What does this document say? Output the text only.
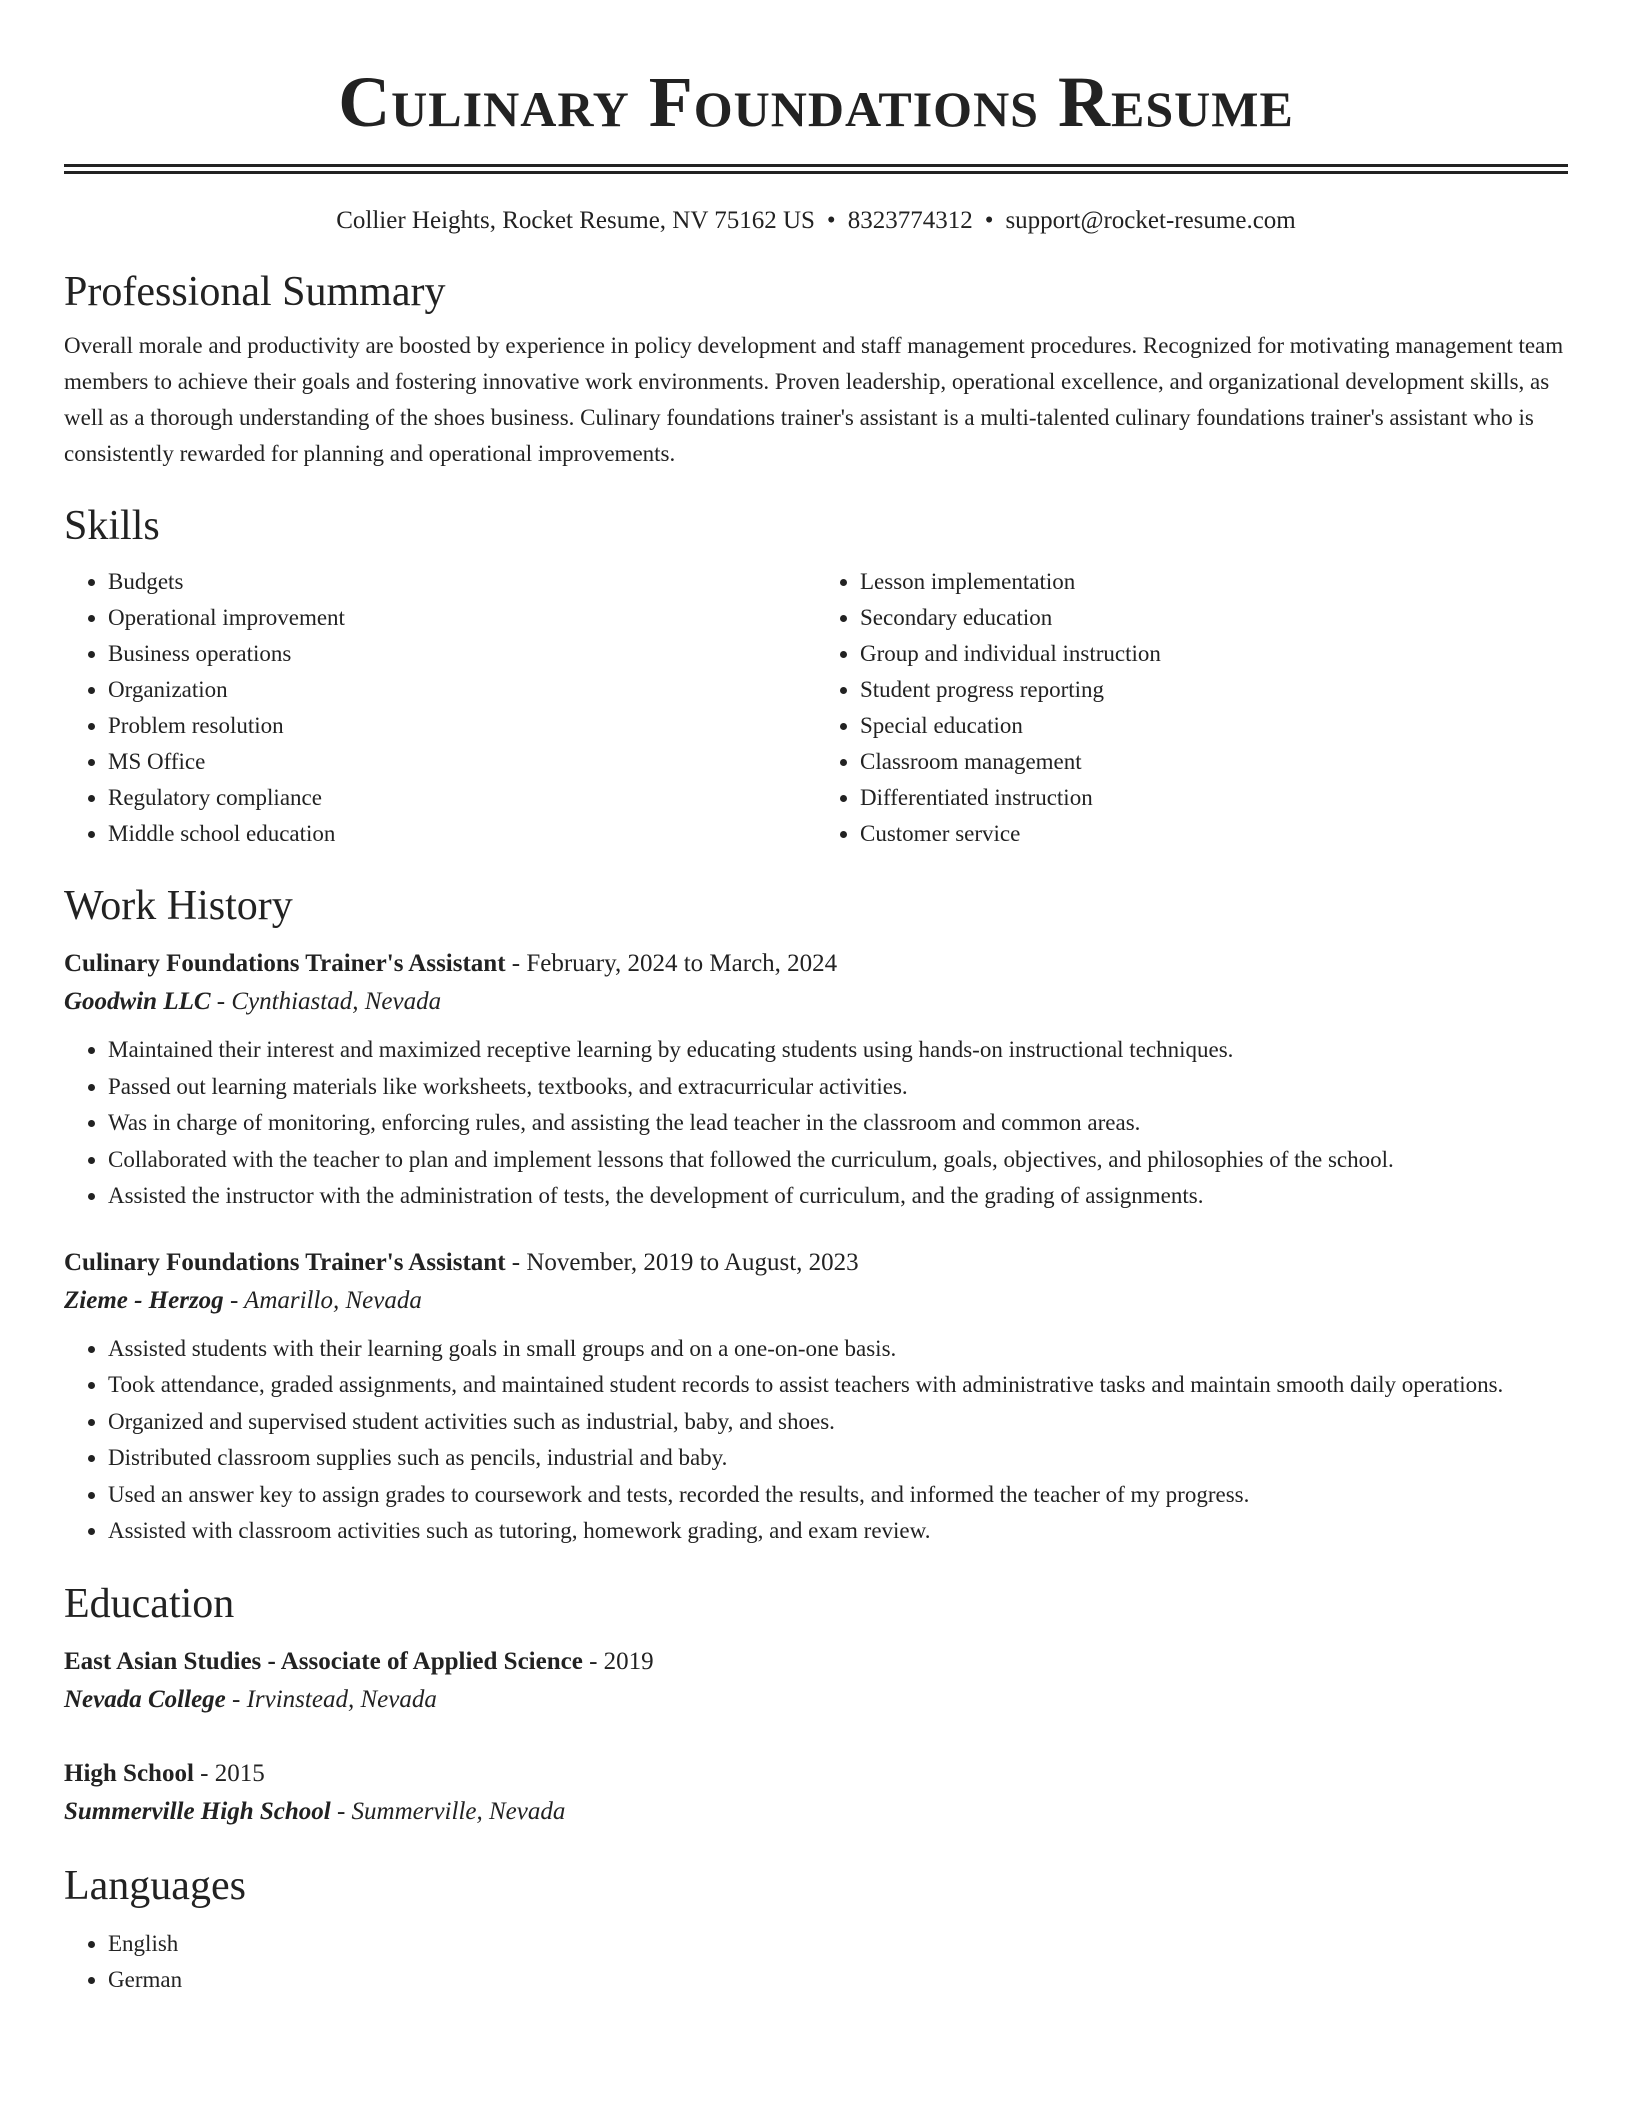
Culinary Foundations Resume
Collier Heights, Rocket Resume, NV 75162 US • 8323774312 • support@rocket-resume.com
Professional Summary

Overall morale and productivity are boosted by experience in policy development and staff management procedures. Recognized for motivating management team members to achieve their goals and fostering innovative work environments. Proven leadership, operational excellence, and organizational development skills, as well as a thorough understanding of the shoes business. Culinary foundations trainer's assistant is a multi-talented culinary foundations trainer's assistant who is consistently rewarded for planning and operational improvements.

Skills
• Budgets
• Operational improvement
• Business operations
• Organization
• Problem resolution
• MS Office
• Regulatory compliance
• Middle school education
• Lesson implementation
• Secondary education
• Group and individual instruction
• Student progress reporting
• Special education
• Classroom management
• Differentiated instruction
• Customer service
Work History
Culinary Foundations Trainer's Assistant - February, 2024 to March, 2024
Goodwin LLC - Cynthiastad, Nevada
• Maintained their interest and maximized receptive learning by educating students using hands-on instructional techniques.
• Passed out learning materials like worksheets, textbooks, and extracurricular activities.
• Was in charge of monitoring, enforcing rules, and assisting the lead teacher in the classroom and common areas.
• Collaborated with the teacher to plan and implement lessons that followed the curriculum, goals, objectives, and philosophies of the school.
• Assisted the instructor with the administration of tests, the development of curriculum, and the grading of assignments.
Culinary Foundations Trainer's Assistant - November, 2019 to August, 2023
Zieme - Herzog - Amarillo, Nevada
• Assisted students with their learning goals in small groups and on a one-on-one basis.
• Took attendance, graded assignments, and maintained student records to assist teachers with administrative tasks and maintain smooth daily operations.
• Organized and supervised student activities such as industrial, baby, and shoes.
• Distributed classroom supplies such as pencils, industrial and baby.
• Used an answer key to assign grades to coursework and tests, recorded the results, and informed the teacher of my progress.
• Assisted with classroom activities such as tutoring, homework grading, and exam review.
Education
East Asian Studies - Associate of Applied Science - 2019
Nevada College - Irvinstead, Nevada
High School - 2015
Summerville High School - Summerville, Nevada
Languages
• English
• German
